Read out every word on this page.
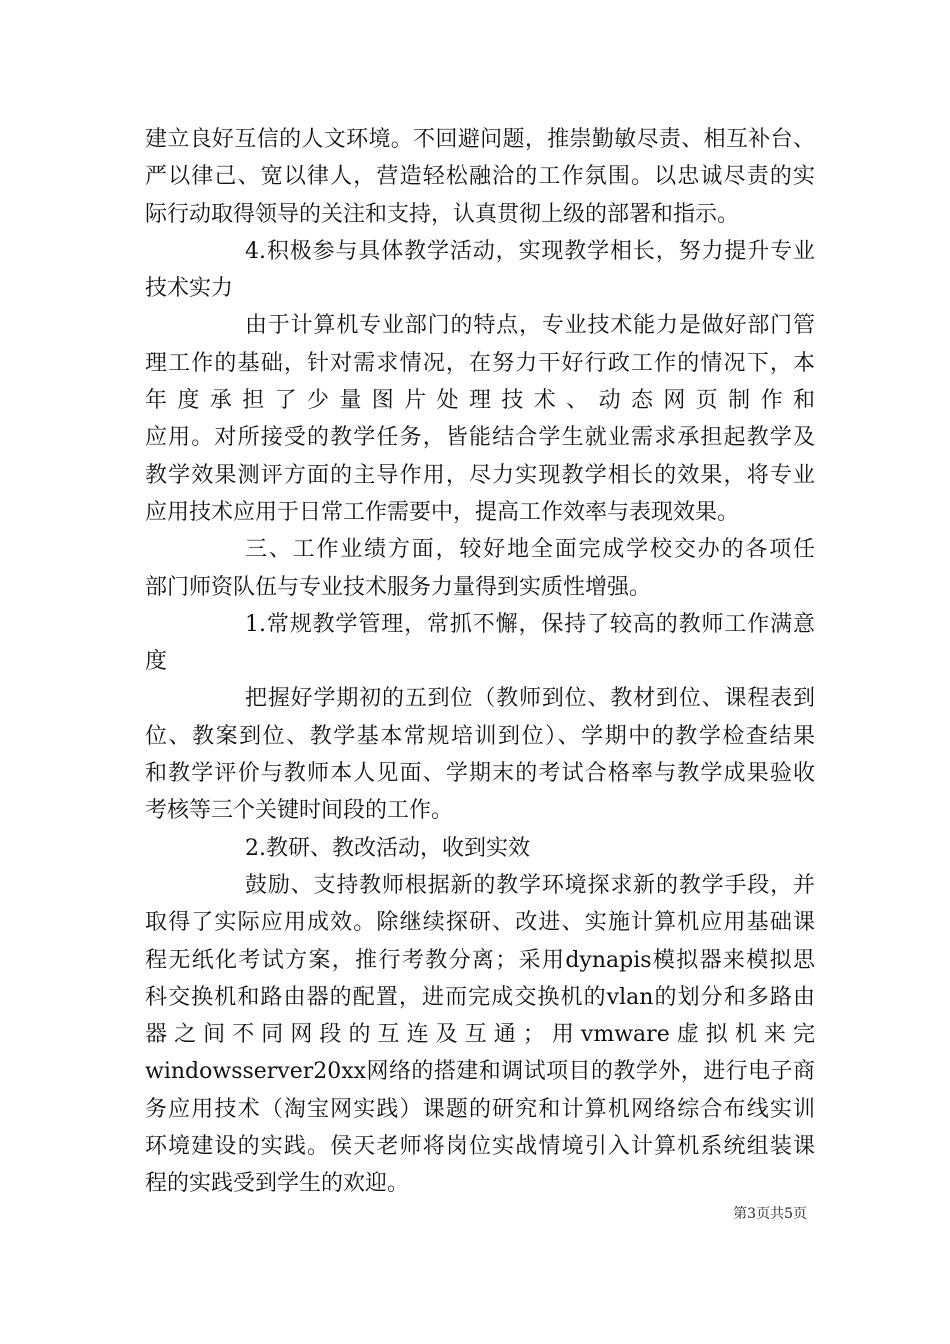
建立良好互信的人文环境。不回避问题，推崇勤敏尽责、相互补台、
严以律己、宽以律人，营造轻松融洽的工作氛围。以忠诚尽责的实
际行动取得领导的关注和支持，认真贯彻上级的部署和指示。
4.积极参与具体教学活动，实现教学相长，努力提升专业
技术实力
由于计算机专业部门的特点，专业技术能力是做好部门管
理工作的基础，针对需求情况，在努力干好行政工作的情况下，本
年度承担了少量图片处理技术、动态网页制作和
应用。对所接受的教学任务，皆能结合学生就业需求承担起教学及
教学效果测评方面的主导作用，尽力实现教学相长的效果，将专业
应用技术应用于日常工作需要中，提高工作效率与表现效果。
三、工作业绩方面，较好地全面完成学校交办的各项任
部门师资队伍与专业技术服务力量得到实质性增强。
1.常规教学管理，常抓不懈，保持了较高的教师工作满意
度
把握好学期初的五到位（教师到位、教材到位、课程表到
位、教案到位、教学基本常规培训到位）、学期中的教学检查结果
和教学评价与教师本人见面、学期末的考试合格率与教学成果验收
考核等三个关键时间段的工作。
2.教研、教改活动，收到实效
鼓励、支持教师根据新的教学环境探求新的教学手段，并
取得了实际应用成效。除继续探研、改进、实施计算机应用基础课
程无纸化考试方案，推行考教分离；采用dynapis模拟器来模拟思
科交换机和路由器的配置，进而完成交换机的vlan的划分和多路由
器 之 间 不 同 网 段 的 互 连 及 互 通 ； 用 vmware 虚 拟 机 来 完
windowsserver20xx网络的搭建和调试项目的教学外，进行电子商
务应用技术（淘宝网实践）课题的研究和计算机网络综合布线实训
环境建设的实践。侯天老师将岗位实战情境引入计算机系统组装课
程的实践受到学生的欢迎。
第3页共5页
